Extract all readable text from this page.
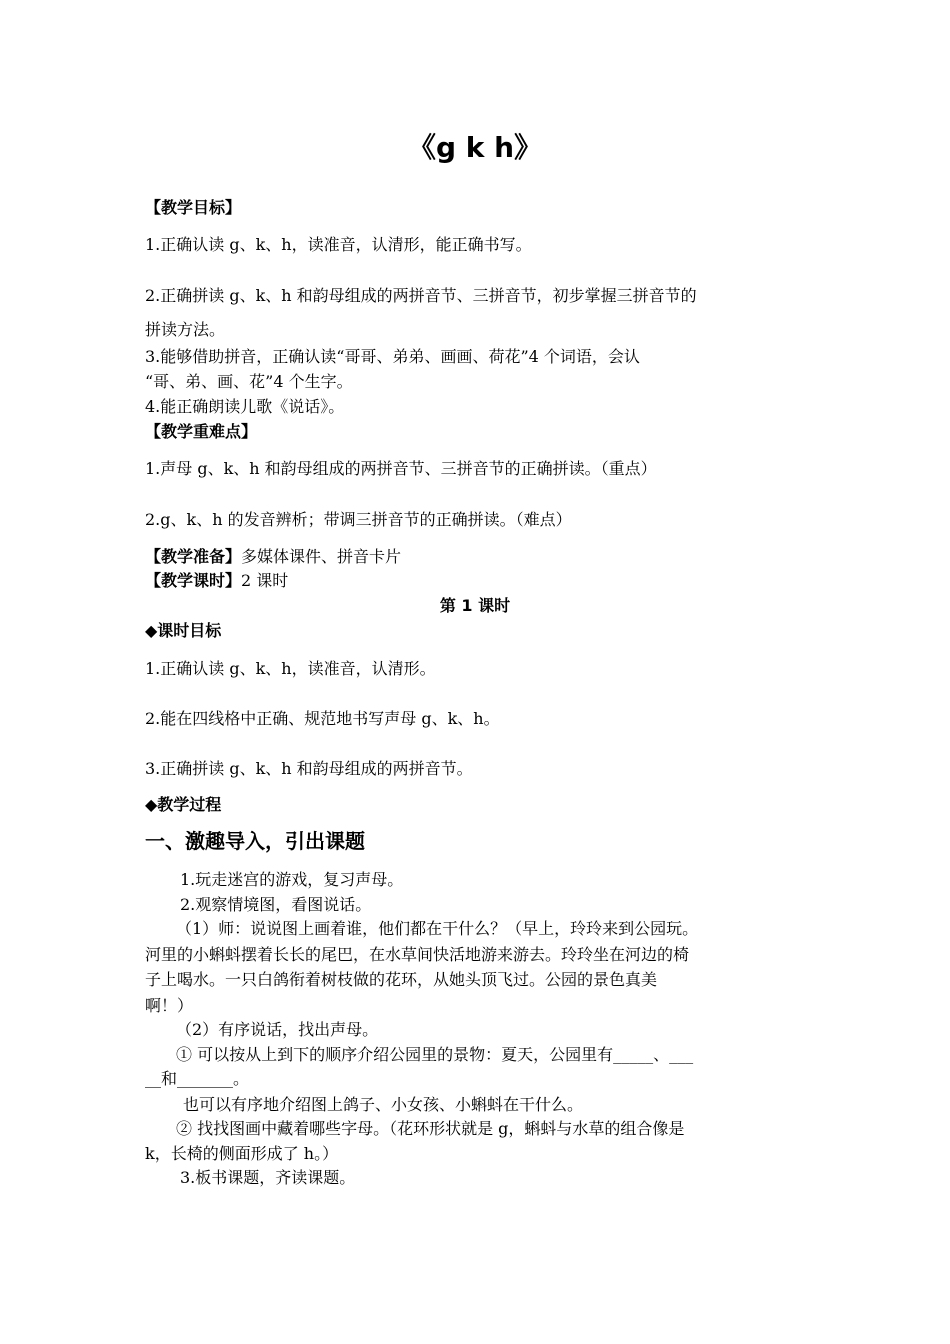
《g k h》
【教学目标】
1.正确认读 g、k、h，读准音，认清形，能正确书写。
2.正确拼读 g、k、h 和韵母组成的两拼音节、三拼音节，初步掌握三拼音节的
拼读方法。
3.能够借助拼音，正确认读“哥哥、弟弟、画画、荷花”4 个词语，会认
“哥、弟、画、花”4 个生字。
4.能正确朗读儿歌《说话》。
【教学重难点】
1.声母 g、k、h 和韵母组成的两拼音节、三拼音节的正确拼读。（重点）
2.g、k、h 的发音辨析；带调三拼音节的正确拼读。（难点）
【教学准备】多媒体课件、拼音卡片
【教学课时】2 课时
第 1 课时
◆课时目标
1.正确认读 g、k、h，读准音，认清形。
2.能在四线格中正确、规范地书写声母 g、k、h。
3.正确拼读 g、k、h 和韵母组成的两拼音节。
◆教学过程
一、激趣导入，引出课题
1.玩走迷宫的游戏，复习声母。
2.观察情境图，看图说话。
（1）师：说说图上画着谁，他们都在干什么？（早上，玲玲来到公园玩。
河里的小蝌蚪摆着长长的尾巴，在水草间快活地游来游去。玲玲坐在河边的椅
子上喝水。一只白鸽衔着树枝做的花环，从她头顶飞过。公园的景色真美
啊！）
（2）有序说话，找出声母。
① 可以按从上到下的顺序介绍公园里的景物：夏天，公园里有_____、___
__和_______。
也可以有序地介绍图上鸽子、小女孩、小蝌蚪在干什么。
② 找找图画中藏着哪些字母。（花环形状就是 g，蝌蚪与水草的组合像是
k，长椅的侧面形成了 h。）
3.板书课题，齐读课题。
